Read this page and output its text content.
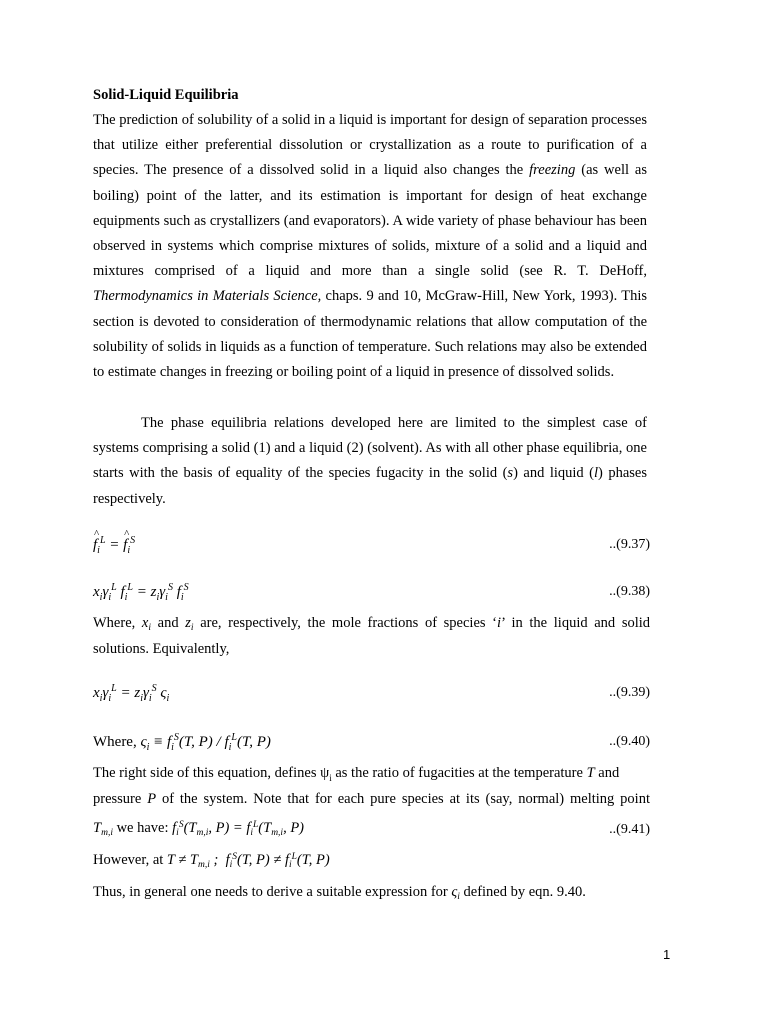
Solid-Liquid Equilibria

The prediction of solubility of a solid in a liquid is important for design of separation processes that utilize either preferential dissolution or crystallization as a route to purification of a species. The presence of a dissolved solid in a liquid also changes the freezing (as well as boiling) point of the latter, and its estimation is important for design of heat exchange equipments such as crystallizers (and evaporators). A wide variety of phase behaviour has been observed in systems which comprise mixtures of solids, mixture of a solid and a liquid and mixtures comprised of a liquid and more than a single solid (see R. T. DeHoff, Thermodynamics in Materials Science, chaps. 9 and 10, McGraw-Hill, New York, 1993). This section is devoted to consideration of thermodynamic relations that allow computation of the solubility of solids in liquids as a function of temperature. Such relations may also be extended to estimate changes in freezing or boiling point of a liquid in presence of dissolved solids.

The phase equilibria relations developed here are limited to the simplest case of systems comprising a solid (1) and a liquid (2) (solvent). As with all other phase equilibria, one starts with the basis of equality of the species fugacity in the solid (s) and liquid (l) phases respectively.

^ $f_i^L$ = ^ $f_i^S$	..(9.37)
$x_i\gamma_i^L$ $f_i^L = z_i\gamma_i^S$ $f_i^S$	..(9.38)

Where, $x_i$ and $z_i$ are, respectively, the mole fractions of species ‘i’ in the liquid and solid

solutions. Equivalently,

$x_i\gamma_i^L = z_i\gamma_i^S$ $\varsigma_i$	..(9.39)
Where, $\varsigma_i \equiv f_i^S(T$, $P) / f_i^L(T$, P)	..(9.40)

The right side of this equation, defines $\psi_i$ as the ratio of fugacities at the temperature T and

pressure P of the system. Note that for each pure species at its (say, normal) melting point

$T_{m,i}$ we have: $f_i^S(T_{m,i}$, $P) = f_i^L(T_{m,i}$, P)	..(9.41)

However, at $T \ne T_{m,i}$ ;  $f_i^S(T$, $P) \ne f_i^L(T$, P)

Thus, in general one needs to derive a suitable expression for $\varsigma_i$ defined by eqn. 9.40.

1
